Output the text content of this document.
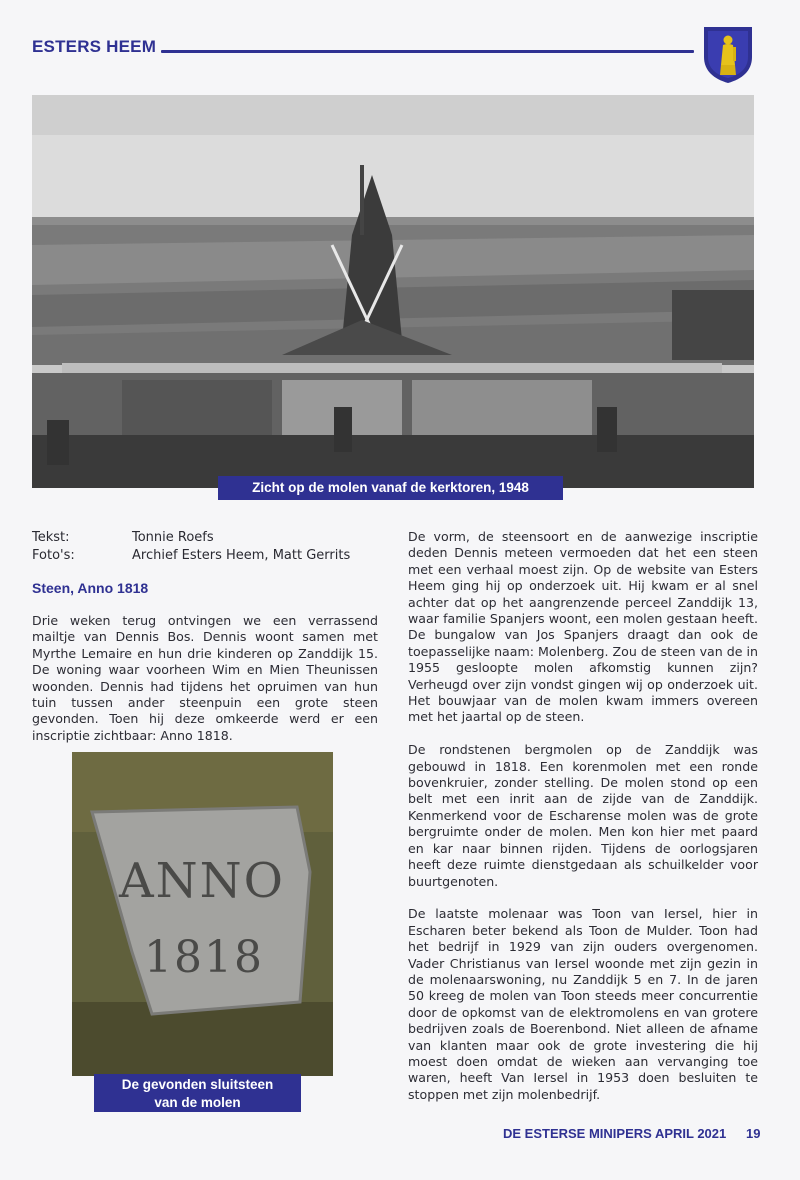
ESTERS HEEM
Zicht op de molen vanaf de kerktoren, 1948
Tekst:	Tonnie Roefs
Foto's:	Archief Esters Heem, Matt Gerrits
Steen, Anno 1818

Drie weken terug ontvingen we een verrassend mailtje van Dennis Bos. Dennis woont samen met Myrthe Lemaire en hun drie kinderen op Zanddijk 15. De woning waar voorheen Wim en Mien Theunissen woonden. Dennis had tijdens het opruimen van hun tuin tussen ander steenpuin een grote steen gevonden. Toen hij deze omkeerde werd er een inscriptie zichtbaar: Anno 1818.

ANNO
1818
De gevonden sluitsteen
van de molen

De vorm, de steensoort en de aanwezige inscriptie deden Dennis meteen vermoeden dat het een steen met een verhaal moest zijn. Op de website van Esters Heem ging hij op onderzoek uit. Hij kwam er al snel achter dat op het aangrenzende perceel Zanddijk 13, waar familie Spanjers woont, een molen gestaan heeft. De bungalow van Jos Spanjers draagt dan ook de toepasselijke naam: Molenberg. Zou de steen van de in 1955 gesloopte molen afkomstig kunnen zijn? Verheugd over zijn vondst gingen wij op onderzoek uit. Het bouwjaar van de molen kwam immers overeen met het jaartal op de steen.

De rondstenen bergmolen op de Zanddijk was gebouwd in 1818. Een korenmolen met een ronde bovenkruier, zonder stelling. De molen stond op een belt met een inrit aan de zijde van de Zanddijk. Kenmerkend voor de Escharense molen was de grote bergruimte onder de molen. Men kon hier met paard en kar naar binnen rijden. Tijdens de oorlogsjaren heeft deze ruimte dienstgedaan als schuilkelder voor buurtgenoten.

De laatste molenaar was Toon van Iersel, hier in Escharen beter bekend als Toon de Mulder. Toon had het bedrijf in 1929 van zijn ouders overgenomen. Vader Christianus van Iersel woonde met zijn gezin in de molenaarswoning, nu Zanddijk 5 en 7. In de jaren 50 kreeg de molen van Toon steeds meer concurrentie door de opkomst van de elektromolens en van grotere bedrijven zoals de Boerenbond. Niet alleen de afname van klanten maar ook de grote investering die hij moest doen omdat de wieken aan vervanging toe waren, heeft Van Iersel in 1953 doen besluiten te stoppen met zijn molenbedrijf.

DE ESTERSE MINIPERS APRIL 2021 19
